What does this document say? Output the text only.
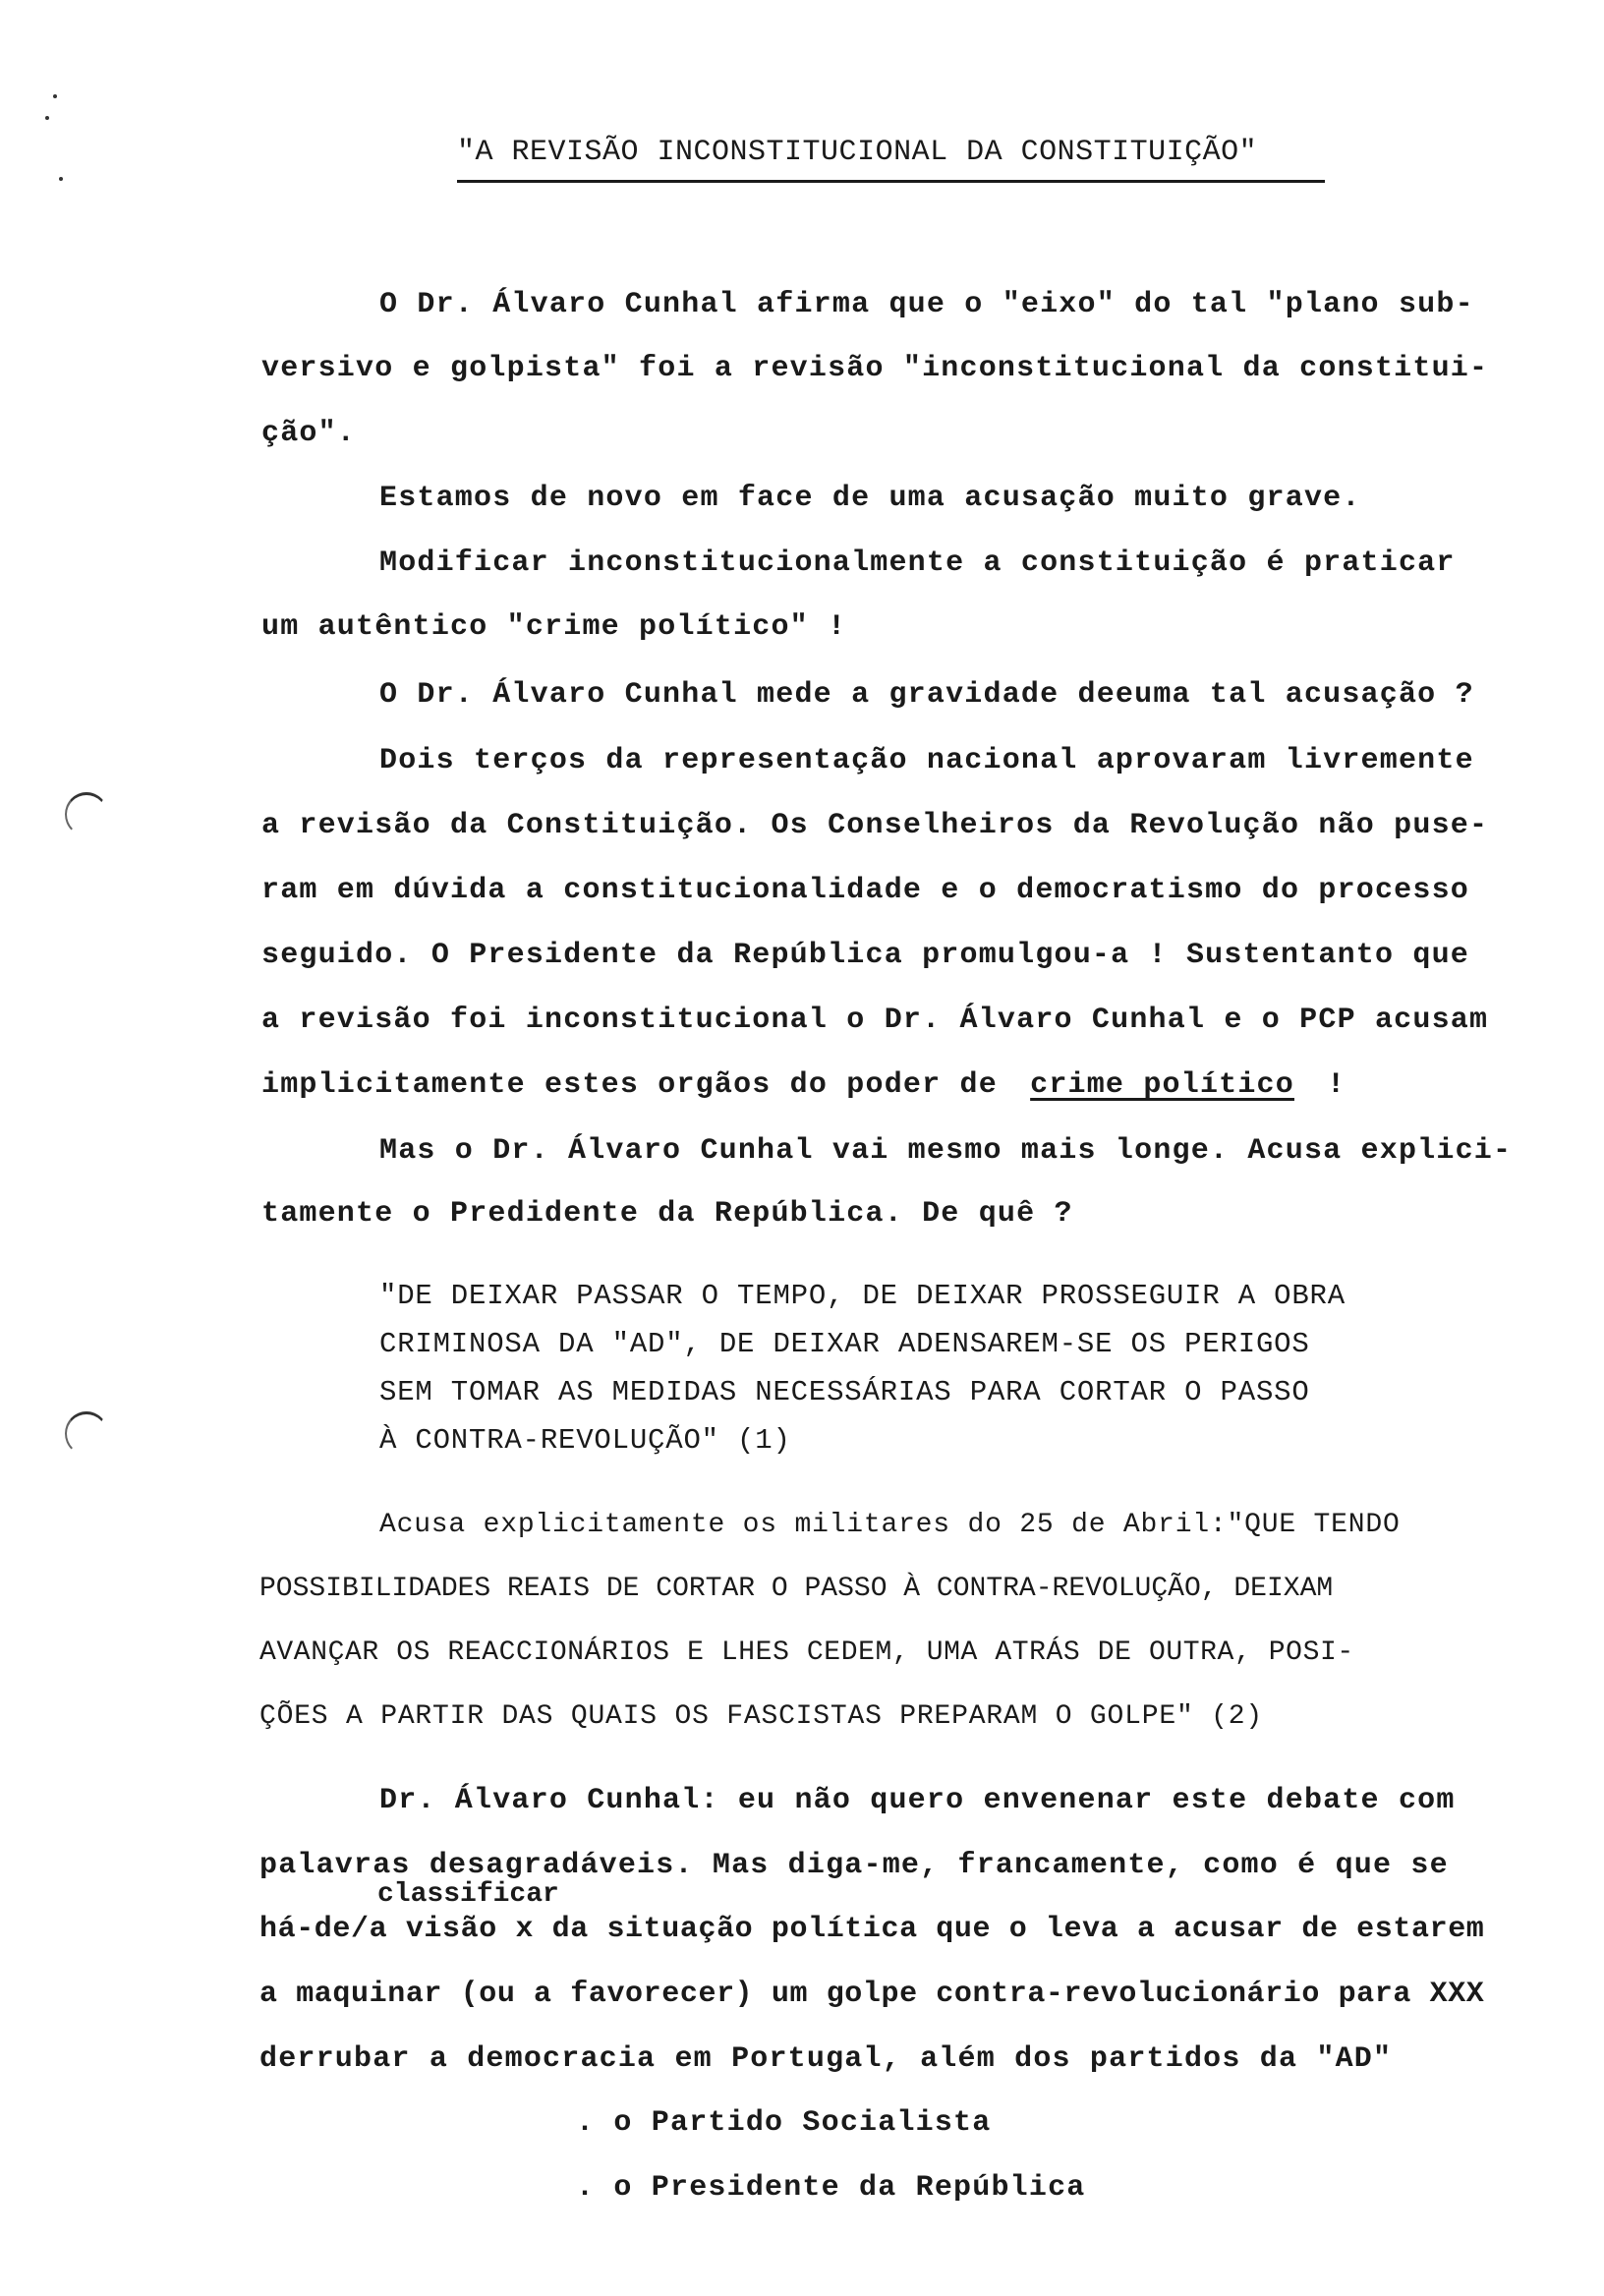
"A REVISÃO INCONSTITUCIONAL DA CONSTITUIÇÃO"
O Dr. Álvaro Cunhal afirma que o "eixo" do tal "plano sub-
versivo e golpista" foi a revisão "inconstitucional da constitui-
ção".
Estamos de novo em face de uma acusação muito grave.
Modificar inconstitucionalmente a constituição é praticar
um autêntico "crime político" !
O Dr. Álvaro Cunhal mede a gravidade deeuma tal acusação ?
Dois terços da representação nacional aprovaram livremente
a revisão da Constituição. Os Conselheiros da Revolução não puse-
ram em dúvida a constitucionalidade e o democratismo do processo
seguido. O Presidente da República promulgou-a ! Sustentanto que
a revisão foi inconstitucional o Dr. Álvaro Cunhal e o PCP acusam
implicitamente estes orgãos do poder de crime político !
Mas o Dr. Álvaro Cunhal vai mesmo mais longe. Acusa explici-
tamente o Predidente da República. De quê ?
"DE DEIXAR PASSAR O TEMPO, DE DEIXAR PROSSEGUIR A OBRA
CRIMINOSA DA "AD", DE DEIXAR ADENSAREM-SE OS PERIGOS
SEM TOMAR AS MEDIDAS NECESSÁRIAS PARA CORTAR O PASSO
À CONTRA-REVOLUÇÃO" (1)
Acusa explicitamente os militares do 25 de Abril:"QUE TENDO
POSSIBILIDADES REAIS DE CORTAR O PASSO À CONTRA-REVOLUÇÃO, DEIXAM
AVANÇAR OS REACCIONÁRIOS E LHES CEDEM, UMA ATRÁS DE OUTRA, POSI-
ÇÕES A PARTIR DAS QUAIS OS FASCISTAS PREPARAM O GOLPE" (2)
Dr. Álvaro Cunhal: eu não quero envenenar este debate com
palavras desagradáveis. Mas diga-me, francamente, como é que se
classificar
há-de/a visão x da situação política que o leva a acusar de estarem
a maquinar (ou a favorecer) um golpe contra-revolucionário para XXX
derrubar a democracia em Portugal, além dos partidos da "AD"
. o Partido Socialista
. o Presidente da República
